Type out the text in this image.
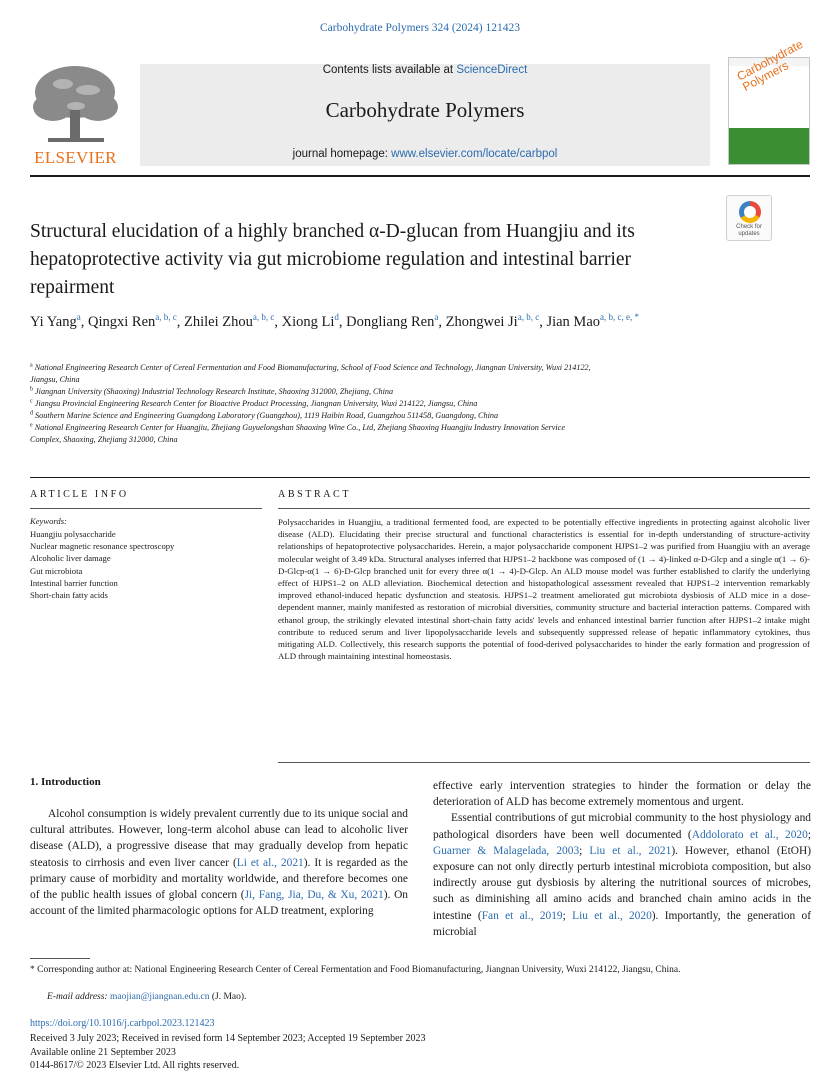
Carbohydrate Polymers 324 (2024) 121423
ELSEVIER
Contents lists available at ScienceDirect
Carbohydrate Polymers
journal homepage: www.elsevier.com/locate/carbpol
Carbohydrate
Polymers
Structural elucidation of a highly branched α-D-glucan from Huangjiu and its hepatoprotective activity via gut microbiome regulation and intestinal barrier repairment
Check for updates
Yi Yang$^a$, Qingxi Ren$^{a, b, c}$, Zhilei Zhou$^{a, b, c}$, Xiong Li$^d$, Dongliang Ren$^a$, Zhongwei Ji$^{a, b, c}$, Jian Mao$^{a, b, c, e, *}$
$^a$ National Engineering Research Center of Cereal Fermentation and Food Biomanufacturing, School of Food Science and Technology, Jiangnan University, Wuxi 214122,
Jiangsu, China
$^b$ Jiangnan University (Shaoxing) Industrial Technology Research Institute, Shaoxing 312000, Zhejiang, China
$^c$ Jiangsu Provincial Engineering Research Center for Bioactive Product Processing, Jiangnan University, Wuxi 214122, Jiangsu, China
$^d$ Southern Marine Science and Engineering Guangdong Laboratory (Guangzhou), 1119 Haibin Road, Guangzhou 511458, Guangdong, China
$^e$ National Engineering Research Center for Huangjiu, Zhejiang Guyuelongshan Shaoxing Wine Co., Ltd, Zhejiang Shaoxing Huangjiu Industry Innovation Service
Complex, Shaoxing, Zhejiang 312000, China
ARTICLE INFO	ABSTRACT
Keywords:
Huangjiu polysaccharide
Nuclear magnetic resonance spectroscopy
Alcoholic liver damage
Gut microbiota
Intestinal barrier function
Short-chain fatty acids

Polysaccharides in Huangjiu, a traditional fermented food, are expected to be potentially effective ingredients in protecting against alcoholic liver disease (ALD). Elucidating their precise structural and functional characteristics is essential for in-depth understanding of structure-activity relationships of hepatoprotective polysaccharides. Herein, a major polysaccharide component HJPS1–2 was purified from Huangjiu with an average molecular weight of 3.49 kDa. Structural analyses inferred that HJPS1–2 backbone was composed of (1 → 4)-linked α-D-Glcp and a single α(1 → 6)-D-Glcp-α(1 → 6)-D-Glcp branched unit for every three α(1 → 4)-D-Glcp. An ALD mouse model was further established to clarify the underlying effect of HJPS1–2 on ALD alleviation. Biochemical detection and histopathological assessment revealed that HJPS1–2 intervention remarkably improved ethanol-induced hepatic dysfunction and steatosis. HJPS1–2 treatment ameliorated gut microbiota dysbiosis of ALD mice in a dose-dependent manner, mainly manifested as restoration of microbial diversities, community structure and bacterial interaction patterns. Compared with ethanol group, the strikingly elevated intestinal short-chain fatty acids' levels and enhanced intestinal barrier function after HJPS1–2 intake might contribute to reduced serum and liver lipopolysaccharide levels and subsequently suppressed release of hepatic inflammatory cytokines, thus mitigating ALD. Collectively, this research supports the potential of food-derived polysaccharides to hinder the early formation and progression of ALD through maintaining intestinal homeostasis.

1. Introduction

Alcohol consumption is widely prevalent currently due to its unique social and cultural attributes. However, long-term alcohol abuse can lead to alcoholic liver disease (ALD), a progressive disease that may gradually develop from hepatic steatosis to cirrhosis and even liver cancer (Li et al., 2021). It is regarded as the primary cause of morbidity and mortality worldwide, and therefore becomes one of the public health issues of global concern (Ji, Fang, Jia, Du, & Xu, 2021). On account of the limited pharmacologic options for ALD treatment, exploring

effective early intervention strategies to hinder the formation or delay the deterioration of ALD has become extremely momentous and urgent.

Essential contributions of gut microbial community to the host physiology and pathological disorders have been well documented (Addolorato et al., 2020; Guarner & Malagelada, 2003; Liu et al., 2021). However, ethanol (EtOH) exposure can not only directly perturb intestinal microbiota composition, but also indirectly arouse gut dysbiosis by altering the nutritional sources of microbes, such as diminishing all amino acids and branched chain amino acids in the intestine (Fan et al., 2019; Liu et al., 2020). Importantly, the generation of microbial

* Corresponding author at: National Engineering Research Center of Cereal Fermentation and Food Biomanufacturing, Jiangnan University, Wuxi 214122, Jiangsu, China.
E-mail address: maojian@jiangnan.edu.cn (J. Mao).
https://doi.org/10.1016/j.carbpol.2023.121423
Received 3 July 2023; Received in revised form 14 September 2023; Accepted 19 September 2023
Available online 21 September 2023
0144-8617/© 2023 Elsevier Ltd. All rights reserved.
